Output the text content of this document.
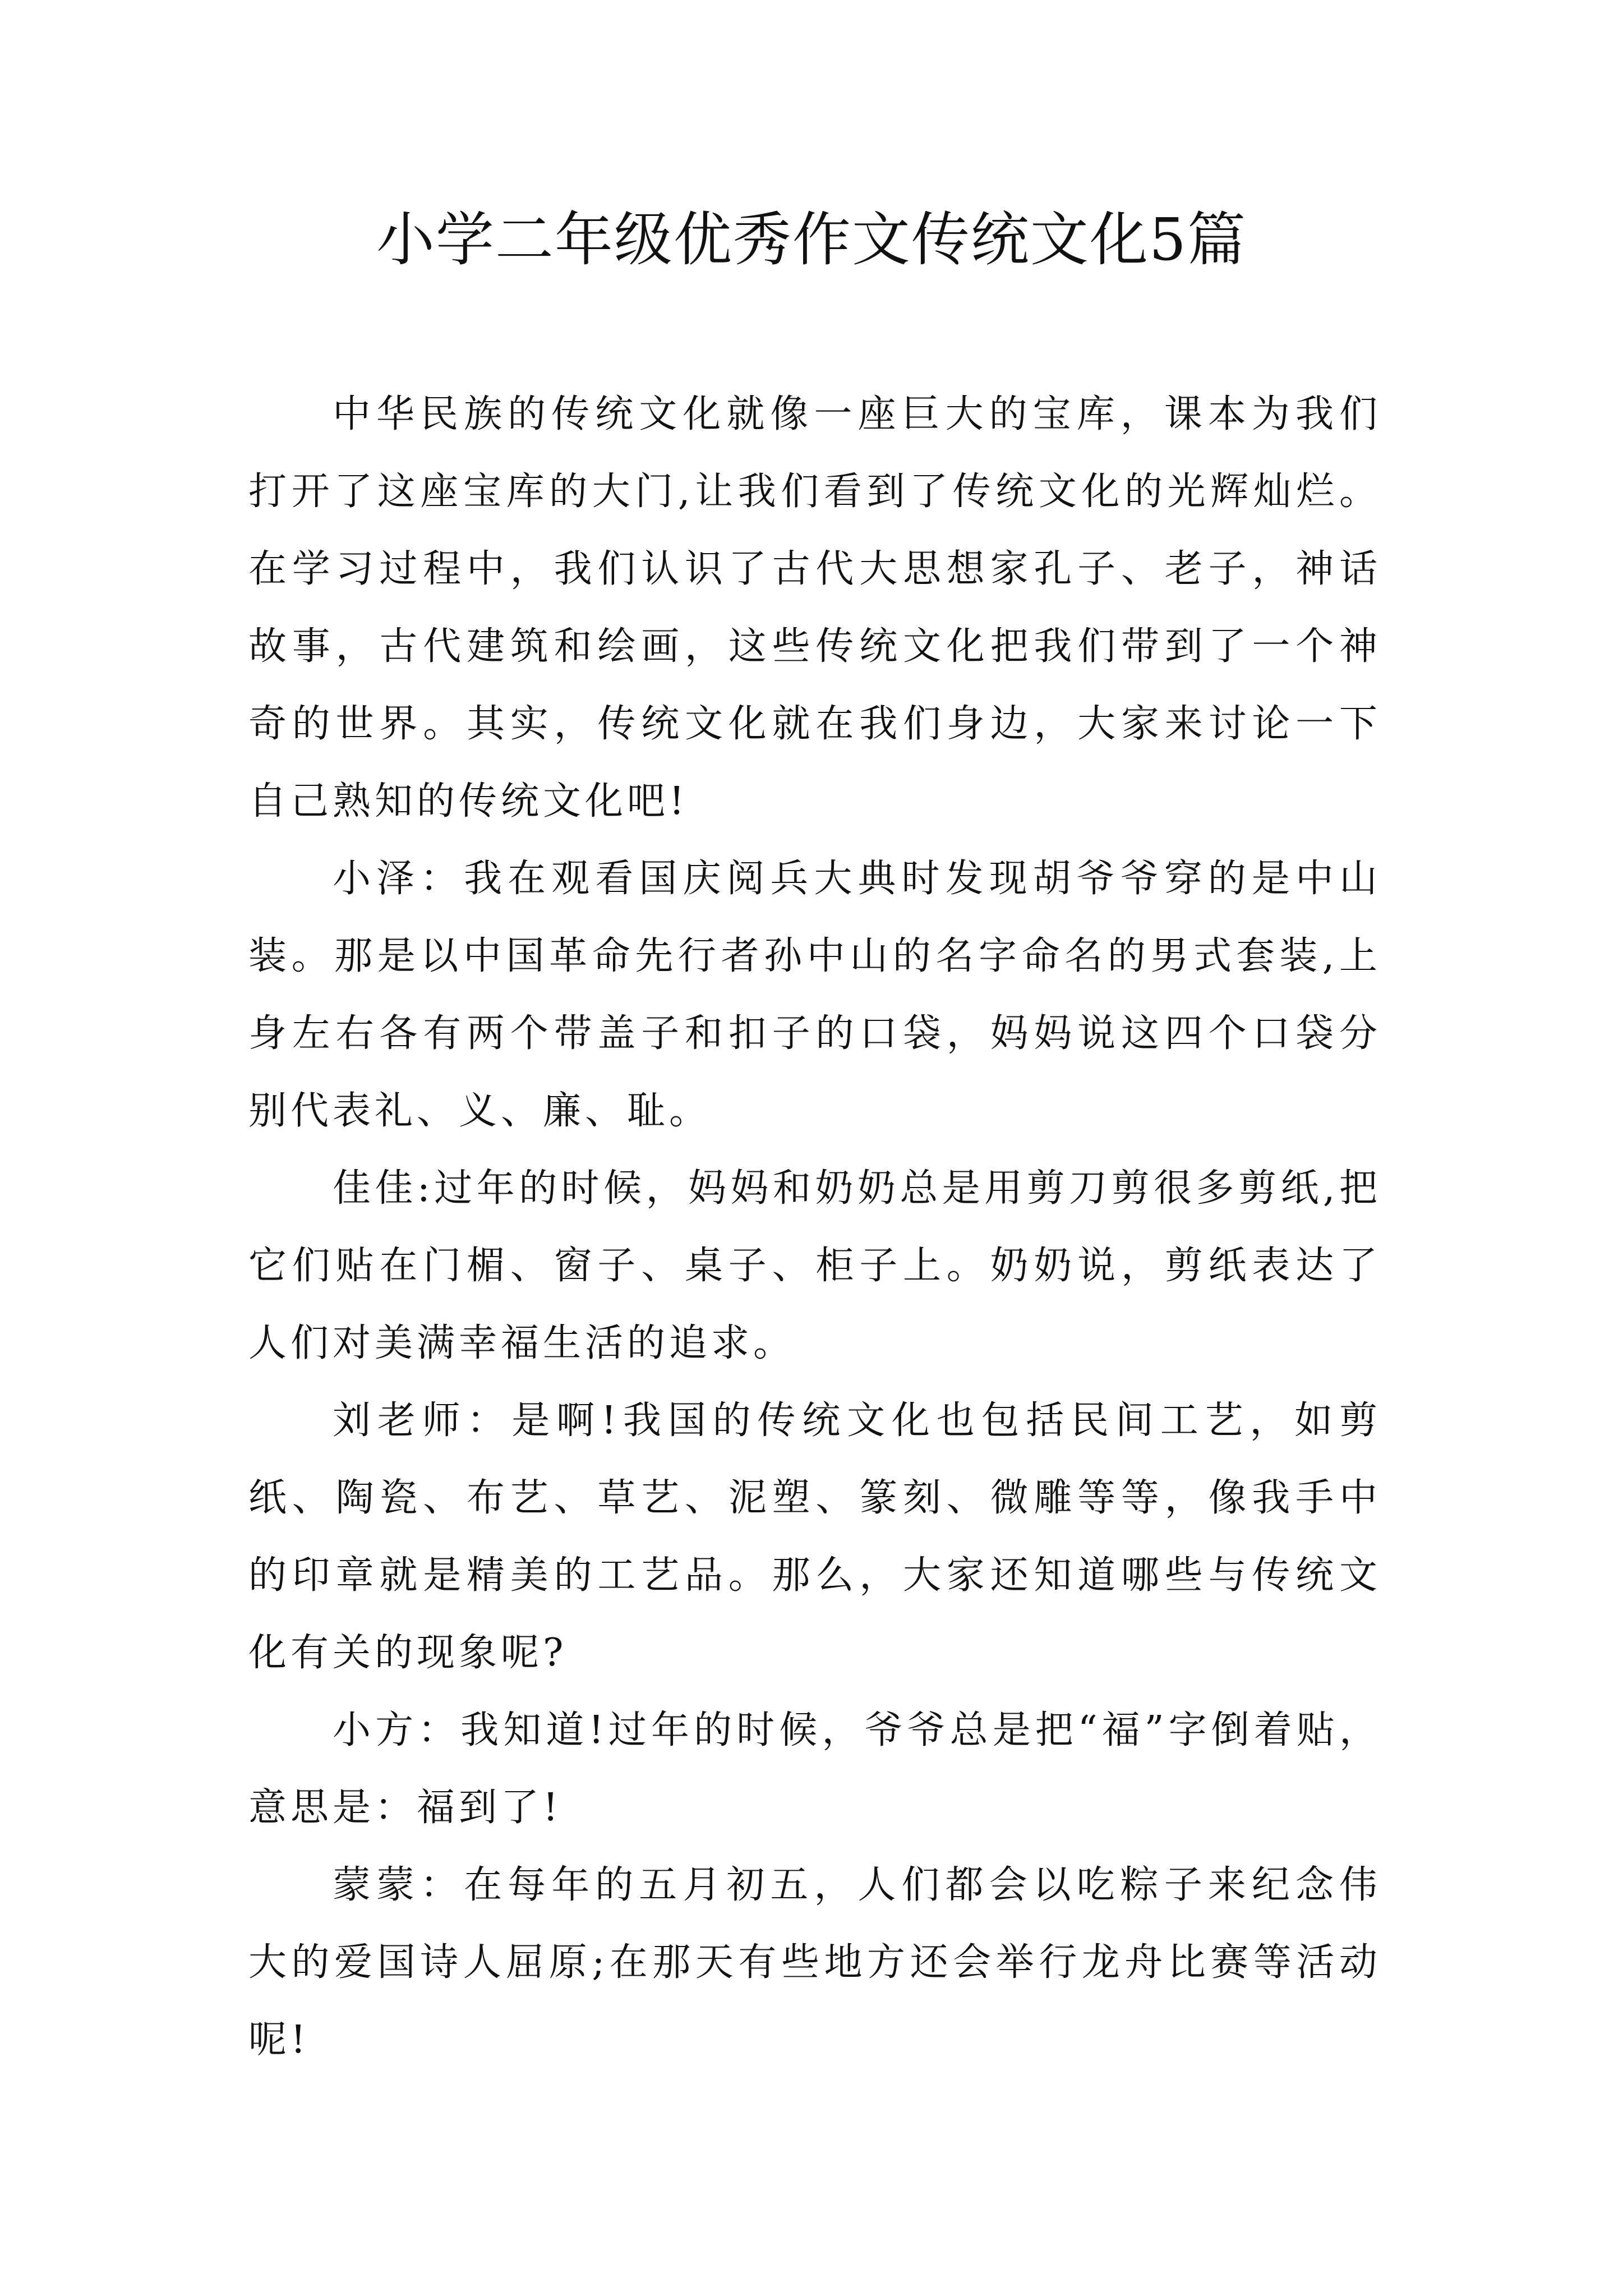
小学二年级优秀作文传统文化5篇

中华民族的传统文化就像一座巨大的宝库，课本为我们打开了这座宝库的大门,让我们看到了传统文化的光辉灿烂。在学习过程中，我们认识了古代大思想家孔子、老子，神话故事，古代建筑和绘画，这些传统文化把我们带到了一个神奇的世界。其实，传统文化就在我们身边，大家来讨论一下自己熟知的传统文化吧!

小泽：我在观看国庆阅兵大典时发现胡爷爷穿的是中山装。那是以中国革命先行者孙中山的名字命名的男式套装,上身左右各有两个带盖子和扣子的口袋，妈妈说这四个口袋分别代表礼、义、廉、耻。

佳佳:过年的时候，妈妈和奶奶总是用剪刀剪很多剪纸,把它们贴在门楣、窗子、桌子、柜子上。奶奶说，剪纸表达了人们对美满幸福生活的追求。

刘老师：是啊!我国的传统文化也包括民间工艺，如剪纸、陶瓷、布艺、草艺、泥塑、篆刻、微雕等等，像我手中的印章就是精美的工艺品。那么，大家还知道哪些与传统文化有关的现象呢?

小方：我知道!过年的时候，爷爷总是把“福”字倒着贴，意思是：福到了!

蒙蒙：在每年的五月初五，人们都会以吃粽子来纪念伟大的爱国诗人屈原;在那天有些地方还会举行龙舟比赛等活动呢!
